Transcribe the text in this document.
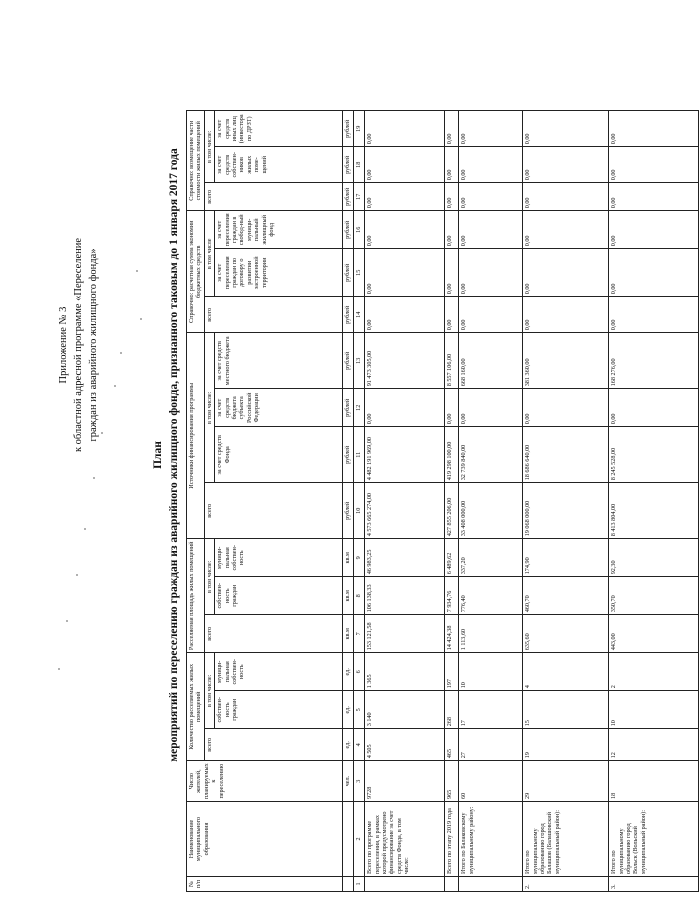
Приложение № 3 к областной адресной программе «Переселение граждан из аварийного жилищного фонда»
План мероприятий по переселению граждан из аварийного жилищного фонда, признанного таковым до 1 января 2017 года
№ п/п	Наименование муниципального образования	Число жителей, планируемых к переселению	Количество расселяемых жилых помещений			Расселяемая площадь жилых помещений			Источники финансирования программы				Справочно: расчетная сумма экономии бюджетных средств			Справочно: возмещение части стоимости жилых помещений		
			всего	в том числе:		всего	в том числе:		всего	в том числе:			всего	в том числе		всего	в том числе:	
				собствен-ность граждан	муници-пальная собствен-ность		собствен-ность граждан	муници-пальная собствен-ность		за счет средств Фонда	за счет средств бюджета субъекта Российской Федерации	за счет средств местного бюджета		за счет переселения граждан по договору о развитии застроенной территории	за счет переселения граждан в свобод-ный муници-пальный жилищный фонд		за счет средств собствен-ников жилых поме-щений	за счет средств иных лиц (инвестора по ДРЗТ)
		чел.	ед.	ед.	ед.	кв.м	кв.м	кв.м	рублей	рублей	рублей	рублей	рублей	рублей	рублей	рублей	рублей	рублей
1	2	3	4	5	6	7	8	9	10	11	12	13	14	15	16	17	18	19
	Всего по программе переселения, в рамках которой предусмотрено финансирование за счет средств Фонда, в том числе:	9728	4 505	3 140	1 365	153 121,58	106 138,33	46 983,25	4 573 665 274,00	4 482 191 969,00	0,00	91 473 305,00	0,00	0,00	0,00	0,00	0,00	0,00
	Всего по этапу 2019 года	965	465	268	197	14 424,38	7 934,76	6 489,62	427 855 206,00	419 298 100,00	0,00	8 557 106,00	0,00	0,00	0,00	0,00	0,00	0,00
	Итого по Балаковскому муниципальному району:	60	27	17	10	1 113,60	776,40	337,20	33 408 000,00	32 739 840,00	0,00	668 160,00	0,00	0,00	0,00	0,00	0,00	0,00
2.	Итого по муниципальному образованию город Балашов (Балашовский муниципальный район):	29	19	15	4	635,60	460,70	174,90	19 068 000,00	18 686 640,00	0,00	381 360,00	0,00	0,00	0,00	0,00	0,00	0,00
3.	Итого по муниципальному образованию город Вольск (Вольский муниципальный район):	18	12	10	2	443,00	350,70	92,30	8 413 804,00	8 245 528,00	0,00	168 276,00	0,00	0,00	0,00	0,00	0,00	0,00
